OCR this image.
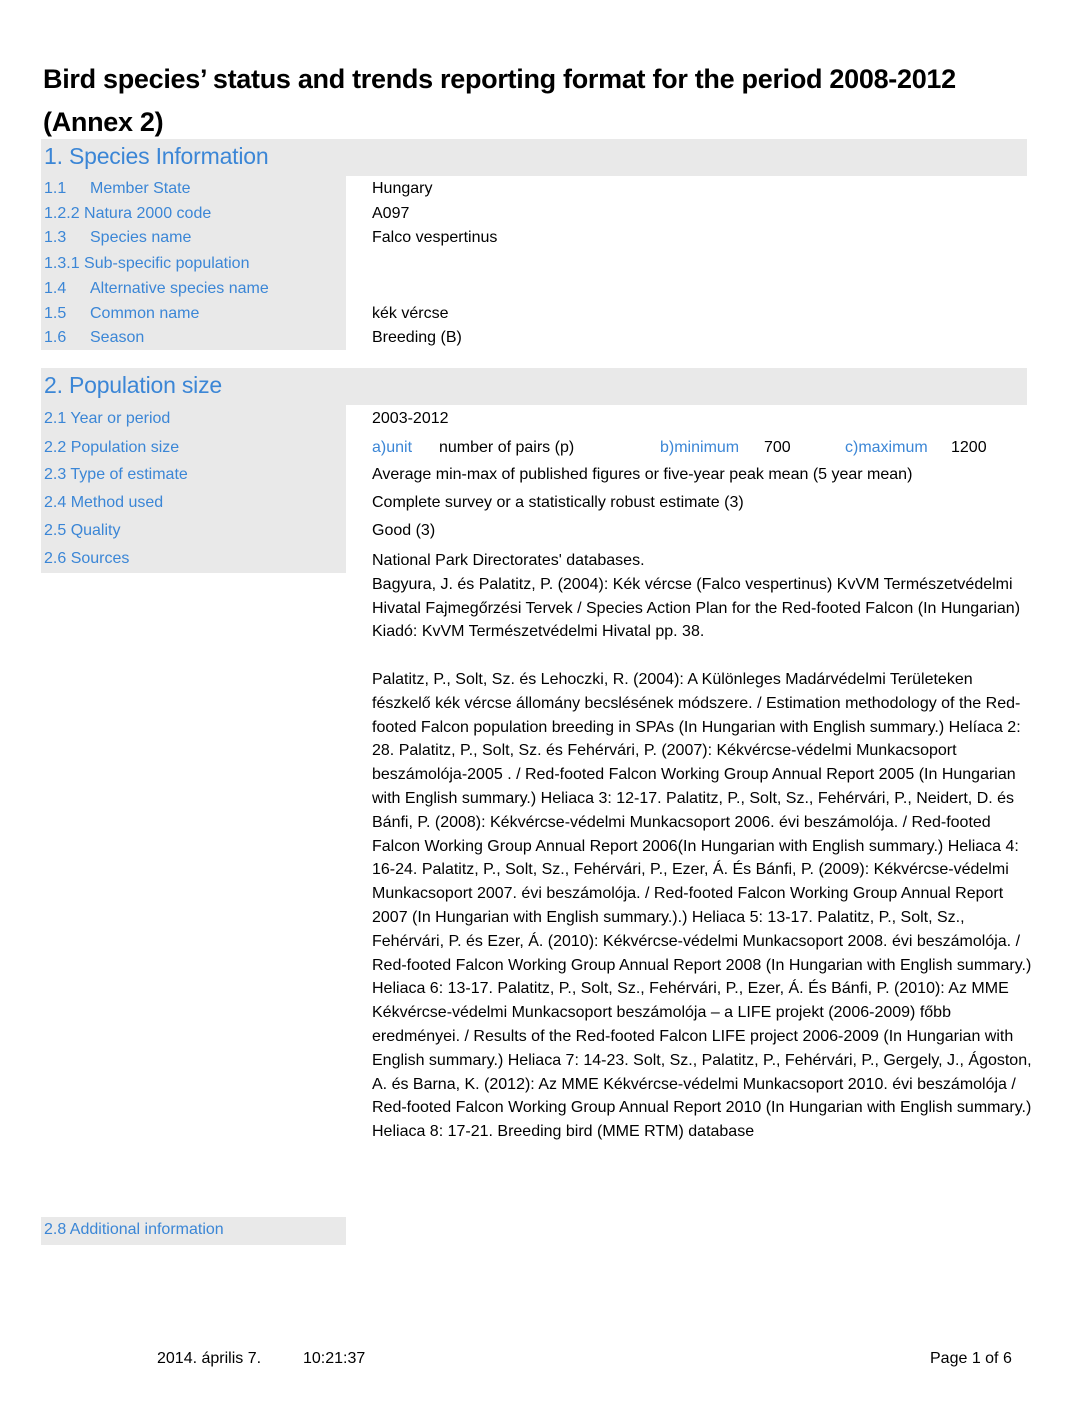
Bird species’ status and trends reporting format for the period 2008-2012 (Annex 2)
1. Species Information
1.1 Member State	Hungary
1.2.2 Natura 2000 code	A097
1.3 Species name	Falco vespertinus
1.3.1 Sub-specific population
1.4 Alternative species name
1.5 Common name	kék vércse
1.6 Season	Breeding (B)
2. Population size
2.1 Year or period	2003-2012
2.2 Population size	a)unit number of pairs (p)	b)minimum 700	c)maximum 1200
2.3 Type of estimate	Average min-max of published figures or five-year peak mean (5 year mean)
2.4 Method used	Complete survey or a statistically robust estimate (3)
2.5 Quality	Good (3)
2.6 Sources	National Park Directorates' databases.

Bagyura, J. és Palatitz, P. (2004): Kék vércse (Falco vespertinus) KvVM Természetvédelmi Hivatal Fajmegőrzési Tervek / Species Action Plan for the Red-footed Falcon (In Hungarian) Kiadó: KvVM Természetvédelmi Hivatal pp. 38.

Palatitz, P., Solt, Sz. és Lehoczki, R. (2004): A Különleges Madárvédelmi Területeken fészkelő kék vércse állomány becslésének módszere. / Estimation methodology of the Red-footed Falcon population breeding in SPAs (In Hungarian with English summary.) Helíaca 2: 28. Palatitz, P., Solt, Sz. és Fehérvári, P. (2007): Kékvércse-védelmi Munkacsoport beszámolója-2005 . / Red-footed Falcon Working Group Annual Report 2005 (In Hungarian with English summary.) Heliaca 3: 12-17. Palatitz, P., Solt, Sz., Fehérvári, P., Neidert, D. és Bánfi, P. (2008): Kékvércse-védelmi Munkacsoport 2006. évi beszámolója. / Red-footed Falcon Working Group Annual Report 2006(In Hungarian with English summary.) Heliaca 4: 16-24. Palatitz, P., Solt, Sz., Fehérvári, P., Ezer, Á. És Bánfi, P. (2009): Kékvércse-védelmi Munkacsoport 2007. évi beszámolója. / Red-footed Falcon Working Group Annual Report 2007 (In Hungarian with English summary.).) Heliaca 5: 13-17. Palatitz, P., Solt, Sz., Fehérvári, P. és Ezer, Á. (2010): Kékvércse-védelmi Munkacsoport 2008. évi beszámolója. / Red-footed Falcon Working Group Annual Report 2008 (In Hungarian with English summary.) Heliaca 6: 13-17. Palatitz, P., Solt, Sz., Fehérvári, P., Ezer, Á. És Bánfi, P. (2010): Az MME Kékvércse-védelmi Munkacsoport beszámolója – a LIFE projekt (2006-2009) főbb eredményei. / Results of the Red-footed Falcon LIFE project 2006-2009 (In Hungarian with English summary.) Heliaca 7: 14-23. Solt, Sz., Palatitz, P., Fehérvári, P., Gergely, J., Ágoston, A. és Barna, K. (2012): Az MME Kékvércse-védelmi Munkacsoport 2010. évi beszámolója / Red-footed Falcon Working Group Annual Report 2010 (In Hungarian with English summary.) Heliaca 8: 17-21. Breeding bird (MME RTM) database

2.8 Additional information
2014. április 7.	10:21:37	Page 1 of 6
